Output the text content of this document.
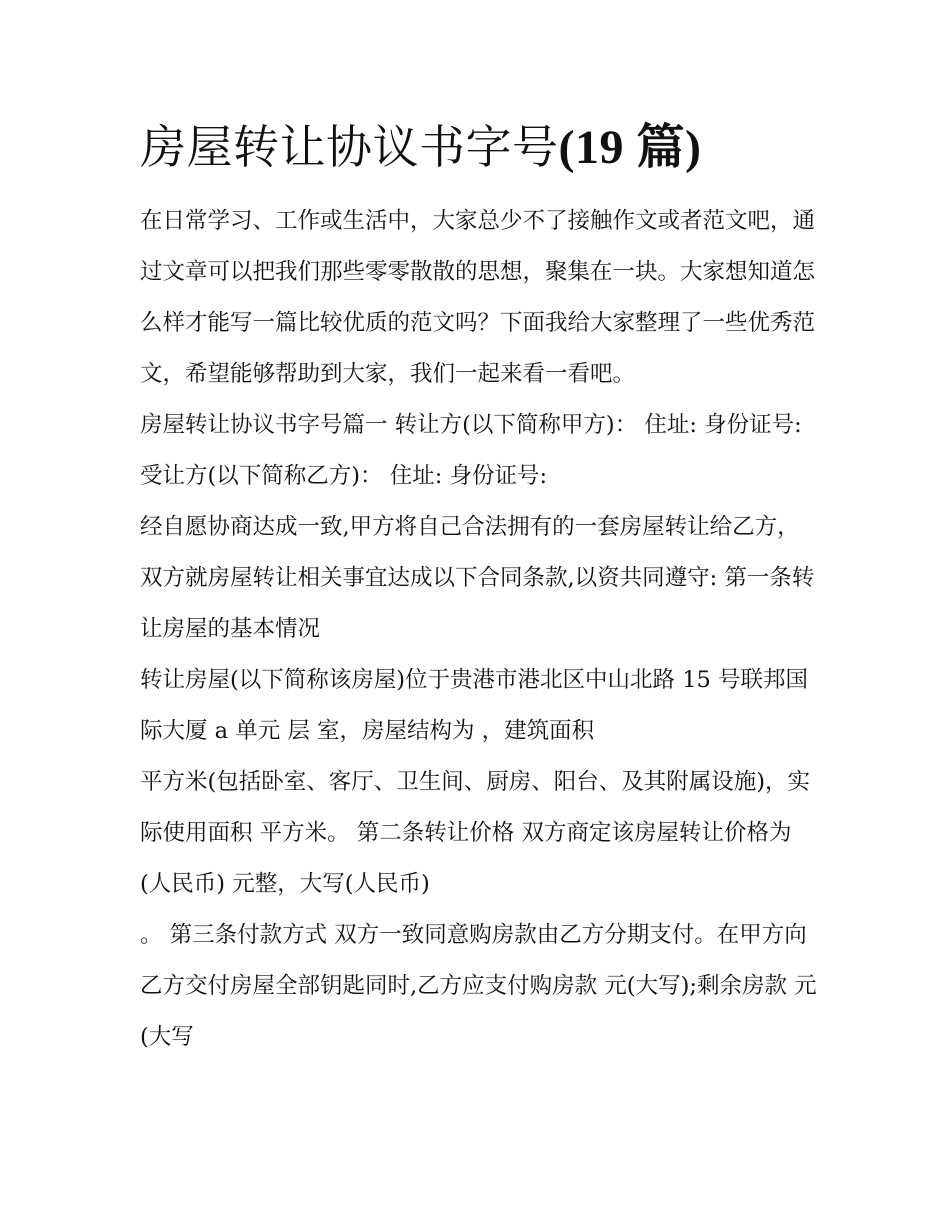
房屋转让协议书字号(19 篇)

在日常学习、工作或生活中，大家总少不了接触作文或者范文吧，通过文章可以把我们那些零零散散的思想，聚集在一块。大家想知道怎么样才能写一篇比较优质的范文吗？下面我给大家整理了一些优秀范文，希望能够帮助到大家，我们一起来看一看吧。

房屋转让协议书字号篇一 转让方(以下简称甲方)： 住址: 身份证号: 受让方(以下简称乙方)： 住址: 身份证号:

经自愿协商达成一致,甲方将自己合法拥有的一套房屋转让给乙方，双方就房屋转让相关事宜达成以下合同条款,以资共同遵守: 第一条转让房屋的基本情况

转让房屋(以下简称该房屋)位于贵港市港北区中山北路 15 号联邦国际大厦 a 单元 层 室，房屋结构为 ，建筑面积

平方米(包括卧室、客厅、卫生间、厨房、阳台、及其附属设施)，实际使用面积 平方米。 第二条转让价格 双方商定该房屋转让价格为(人民币) 元整，大写(人民币)

。 第三条付款方式 双方一致同意购房款由乙方分期支付。在甲方向乙方交付房屋全部钥匙同时,乙方应支付购房款 元(大写);剩余房款 元(大写
